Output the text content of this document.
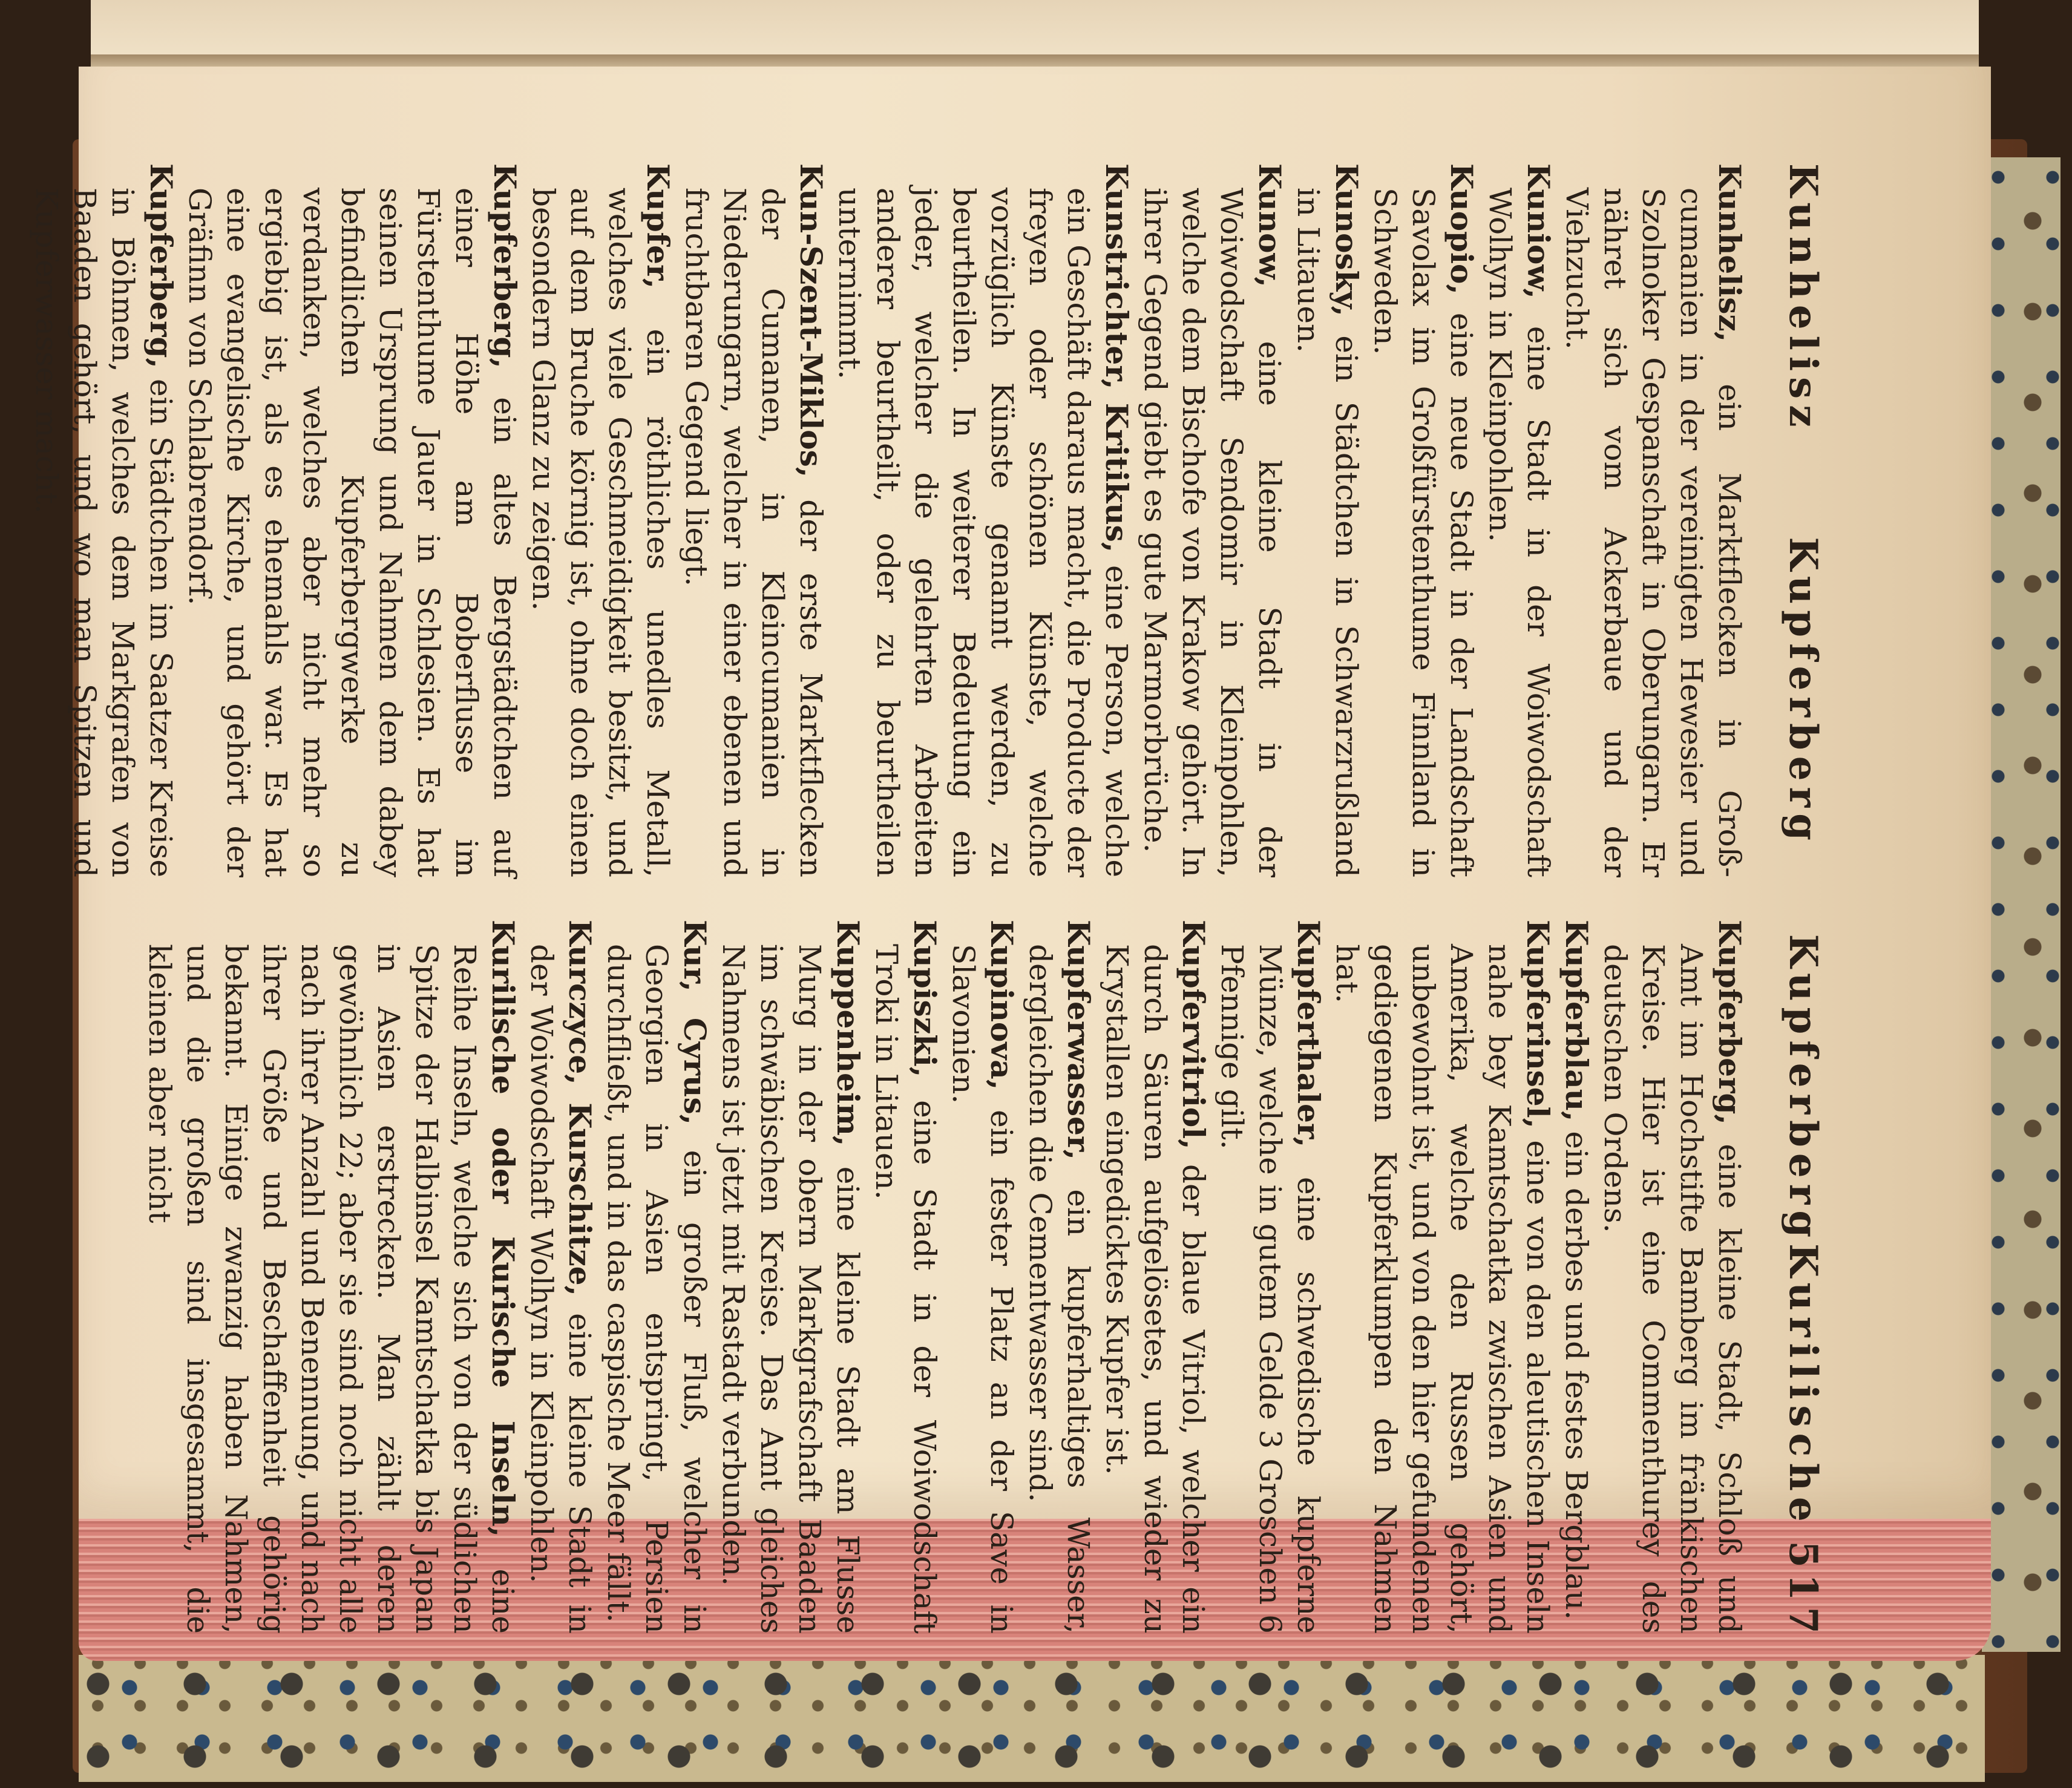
Kunhelisz
Kupferberg
Kupferberg
Kurilische
517
Kunhelisz, ein Marktflecken in Groß-cumanien in der vereinigten Hewesier und Szolnoker Gespanschaft in Oberungarn. Er nähret sich vom Ackerbaue und der Viehzucht.
Kuniow, eine Stadt in der Woiwodschaft Wolhyn in Kleinpohlen.
Kuopio, eine neue Stadt in der Landschaft Savolax im Großfürstenthume Finnland in Schweden.
Kunosky, ein Städtchen in Schwarzrußland in Litauen.
Kunow, eine kleine Stadt in der Woiwodschaft Sendomir in Kleinpohlen, welche dem Bischofe von Krakow gehört. In ihrer Gegend giebt es gute Marmorbrüche.
Kunstrichter, Kritikus, eine Person, welche ein Geschäft daraus macht, die Producte der freyen oder schönen Künste, welche vorzüglich Künste genannt werden, zu beurtheilen. In weiterer Bedeutung ein jeder, welcher die gelehrten Arbeiten anderer beurtheilt, oder zu beurtheilen unternimmt.
Kun-Szent-Miklos, der erste Marktflecken der Cumanen, in Kleincumanien in Niederungarn, welcher in einer ebenen und fruchtbaren Gegend liegt.
Kupfer, ein röthliches unedles Metall, welches viele Geschmeidigkeit besitzt, und auf dem Bruche körnig ist, ohne doch einen besondern Glanz zu zeigen.
Kupferberg, ein altes Bergstädtchen auf einer Höhe am Boberflusse im Fürstenthume Jauer in Schlesien. Es hat seinen Ursprung und Nahmen dem dabey befindlichen Kupferbergwerke zu verdanken, welches aber nicht mehr so ergiebig ist, als es ehemahls war. Es hat eine evangelische Kirche, und gehört der Gräfinn von Schlabrendorf.
Kupferberg, ein Städtchen im Saatzer Kreise in Böhmen, welches dem Markgrafen von Baaden gehört, und wo man Spitzen und Kupferwasser macht.
Kupferberg, eine kleine Stadt, Schloß und Amt im Hochstifte Bamberg im fränkischen Kreise. Hier ist eine Commenthurey des deutschen Ordens.
Kupferblau, ein derbes und festes Bergblau.
Kupferinsel, eine von den aleutischen Inseln nahe bey Kamtschatka zwischen Asien und Amerika, welche den Russen gehört, unbewohnt ist, und von den hier gefundenen gediegenen Kupferklumpen den Nahmen hat.
Kupferthaler, eine schwedische kupferne Münze, welche in gutem Gelde 3 Groschen 6 Pfennige gilt.
Kupfervitriol, der blaue Vitriol, welcher ein durch Säuren aufgelösetes, und wieder zu Krystallen eingedicktes Kupfer ist.
Kupferwasser, ein kupferhaltiges Wasser, dergleichen die Cementwasser sind.
Kupinova, ein fester Platz an der Save in Slavonien.
Kupiszki, eine Stadt in der Woiwodschaft Troki in Litauen.
Kuppenheim, eine kleine Stadt am Flusse Murg in der obern Markgrafschaft Baaden im schwäbischen Kreise. Das Amt gleiches Nahmens ist jetzt mit Rastadt verbunden.
Kur, Cyrus, ein großer Fluß, welcher in Georgien in Asien entspringt, Persien durchfließt, und in das caspische Meer fällt.
Kurczyce, Kurschitze, eine kleine Stadt in der Woiwodschaft Wolhyn in Kleinpohlen.
Kurilische oder Kurische Inseln, eine Reihe Inseln, welche sich von der südlichen Spitze der Halbinsel Kamtschatka bis Japan in Asien erstrecken. Man zählt deren gewöhnlich 22; aber sie sind noch nicht alle nach ihrer Anzahl und Benennung, und nach ihrer Größe und Beschaffenheit gehörig bekannt. Einige zwanzig haben Nahmen, und die großen sind insgesammt, die kleinen aber nicht
